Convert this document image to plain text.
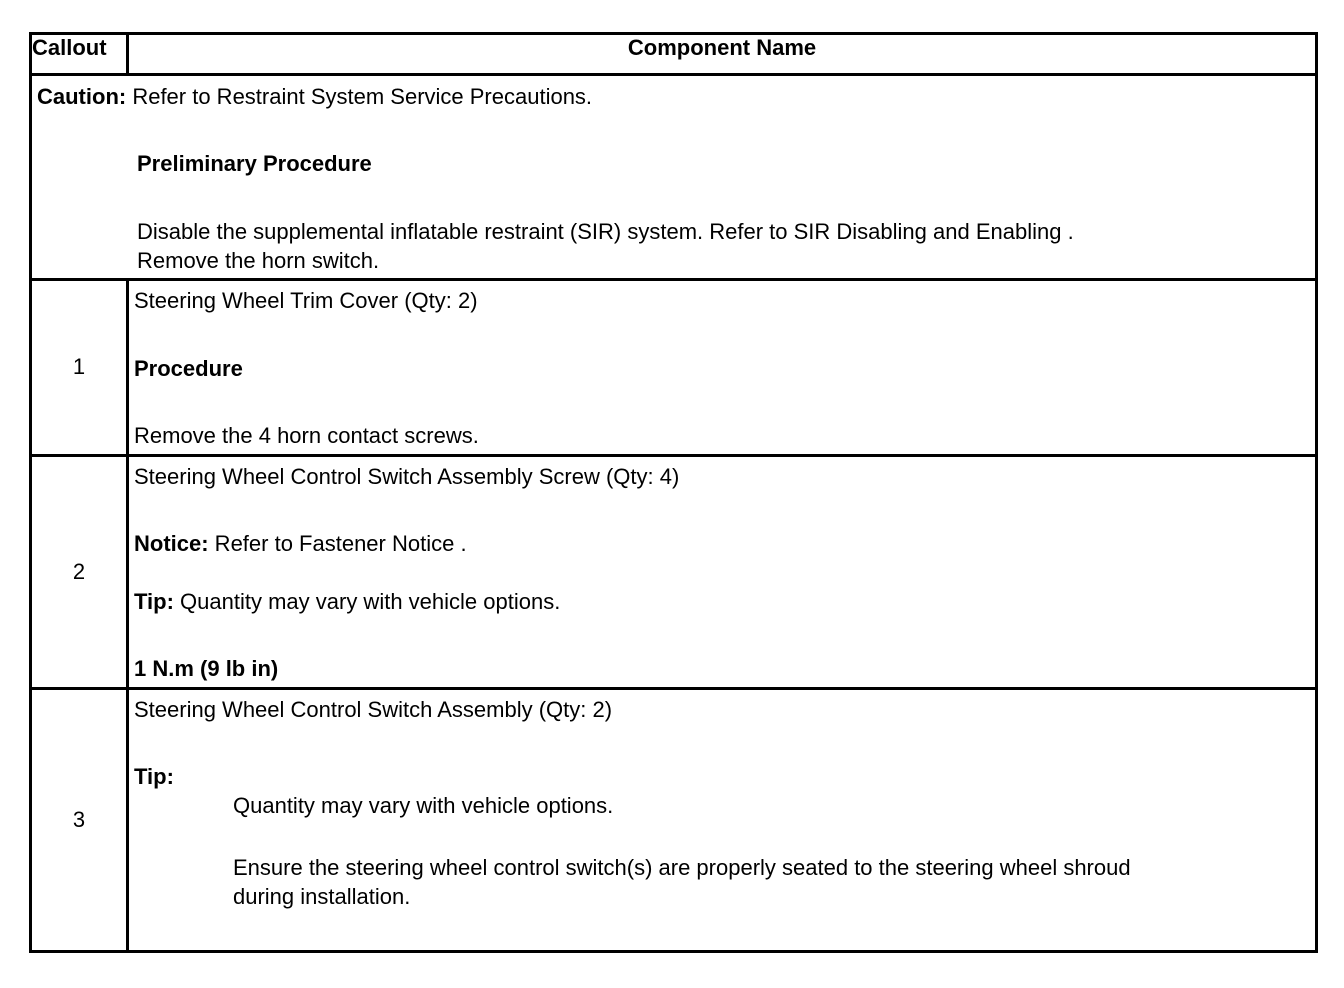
Callout	Component Name

Caution: Refer to Restraint System Service Precautions.
Preliminary Procedure
Disable the supplemental inflatable restraint (SIR) system. Refer to SIR Disabling and Enabling .
Remove the horn switch.	

1	Steering Wheel Trim Cover (Qty: 2)
Procedure
Remove the 4 horn contact screws.

2	Steering Wheel Control Switch Assembly Screw (Qty: 4)
Notice: Refer to Fastener Notice .
Tip: Quantity may vary with vehicle options.
1 N.m (9 lb in)

3	Steering Wheel Control Switch Assembly (Qty: 2)
Tip:
Quantity may vary with vehicle options.
Ensure the steering wheel control switch(s) are properly seated to the steering wheel shroud
during installation.
